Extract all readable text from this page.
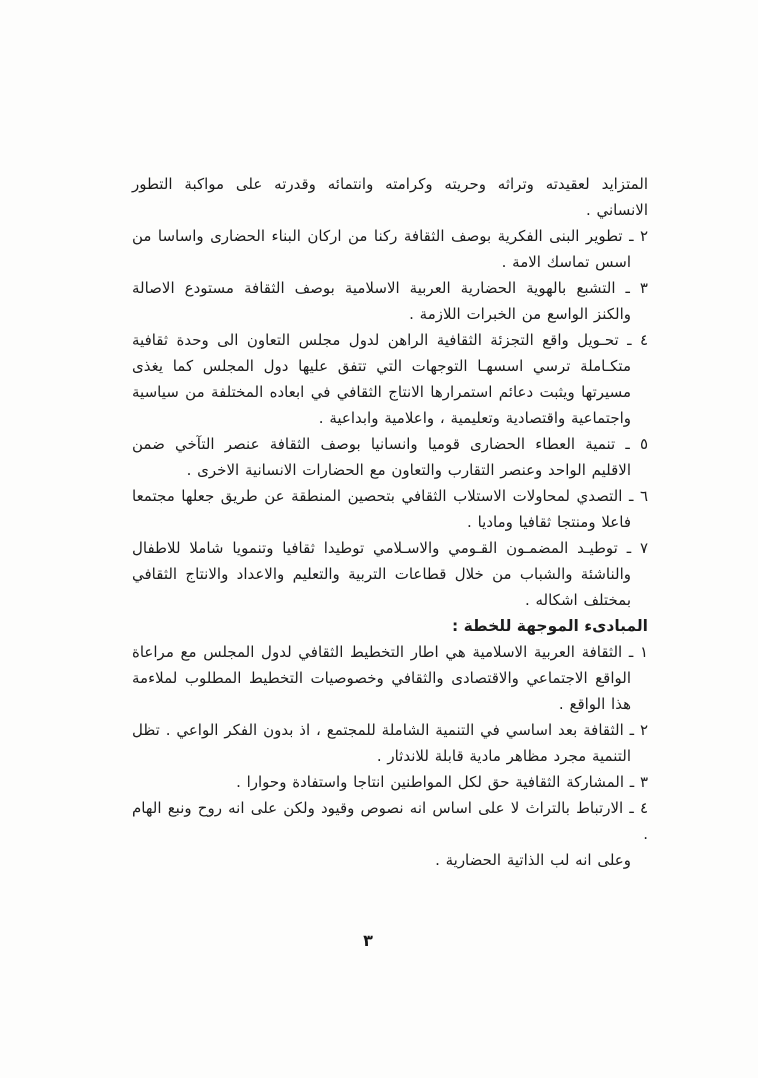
المتزايد لعقيدته وتراثه وحريته وكرامته وانتمائه وقدرته على مواكبة التطور
الانساني .
٢ ـ تطوير البنى الفكرية بوصف الثقافة ركنا من اركان البناء الحضارى واساسا من
اسس تماسك الامة .
٣ ـ التشبع بالهوية الحضارية العربية الاسلامية بوصف الثقافة مستودع الاصالة
والكنز الواسع من الخبرات اللازمة .
٤ ـ تحـويل واقع التجزئة الثقافية الراهن لدول مجلس التعاون الى وحدة ثقافية
متكـاملة ترسي اسسهـا التوجهات التي تتفق عليها دول المجلس كما يغذى
مسيرتها ويثبت دعائم استمرارها الانتاج الثقافي في ابعاده المختلفة من سياسية
واجتماعية واقتصادية وتعليمية ، واعلامية وابداعية .
٥ ـ تنمية العطاء الحضارى قوميا وانسانيا بوصف الثقافة عنصر التآخي ضمن
الاقليم الواحد وعنصر التقارب والتعاون مع الحضارات الانسانية الاخرى .
٦ ـ التصدي لمحاولات الاستلاب الثقافي بتحصين المنطقة عن طريق جعلها مجتمعا
فاعلا ومنتجا ثقافيا وماديا .
٧ ـ توطيـد المضمـون القـومي والاسـلامي توطيدا ثقافيا وتنمويا شاملا للاطفال
والناشئة والشباب من خلال قطاعات التربية والتعليم والاعداد والانتاج الثقافي
بمختلف اشكاله .
المبادىء الموجهة للخطة :
١ ـ الثقافة العربية الاسلامية هي اطار التخطيط الثقافي لدول المجلس مع مراعاة
الواقع الاجتماعي والاقتصادى والثقافي وخصوصيات التخطيط المطلوب لملاءمة
هذا الواقع .
٢ ـ الثقافة بعد اساسي في التنمية الشاملة للمجتمع ، اذ بدون الفكر الواعي . تظل
التنمية مجرد مظاهر مادية قابلة للاندثار .
٣ ـ المشاركة الثقافية حق لكل المواطنين انتاجا واستفادة وحوارا .
٤ ـ الارتباط بالتراث لا على اساس انه نصوص وقيود ولكن على انه روح ونبع الهام .
وعلى انه لب الذاتية الحضارية .
٣
